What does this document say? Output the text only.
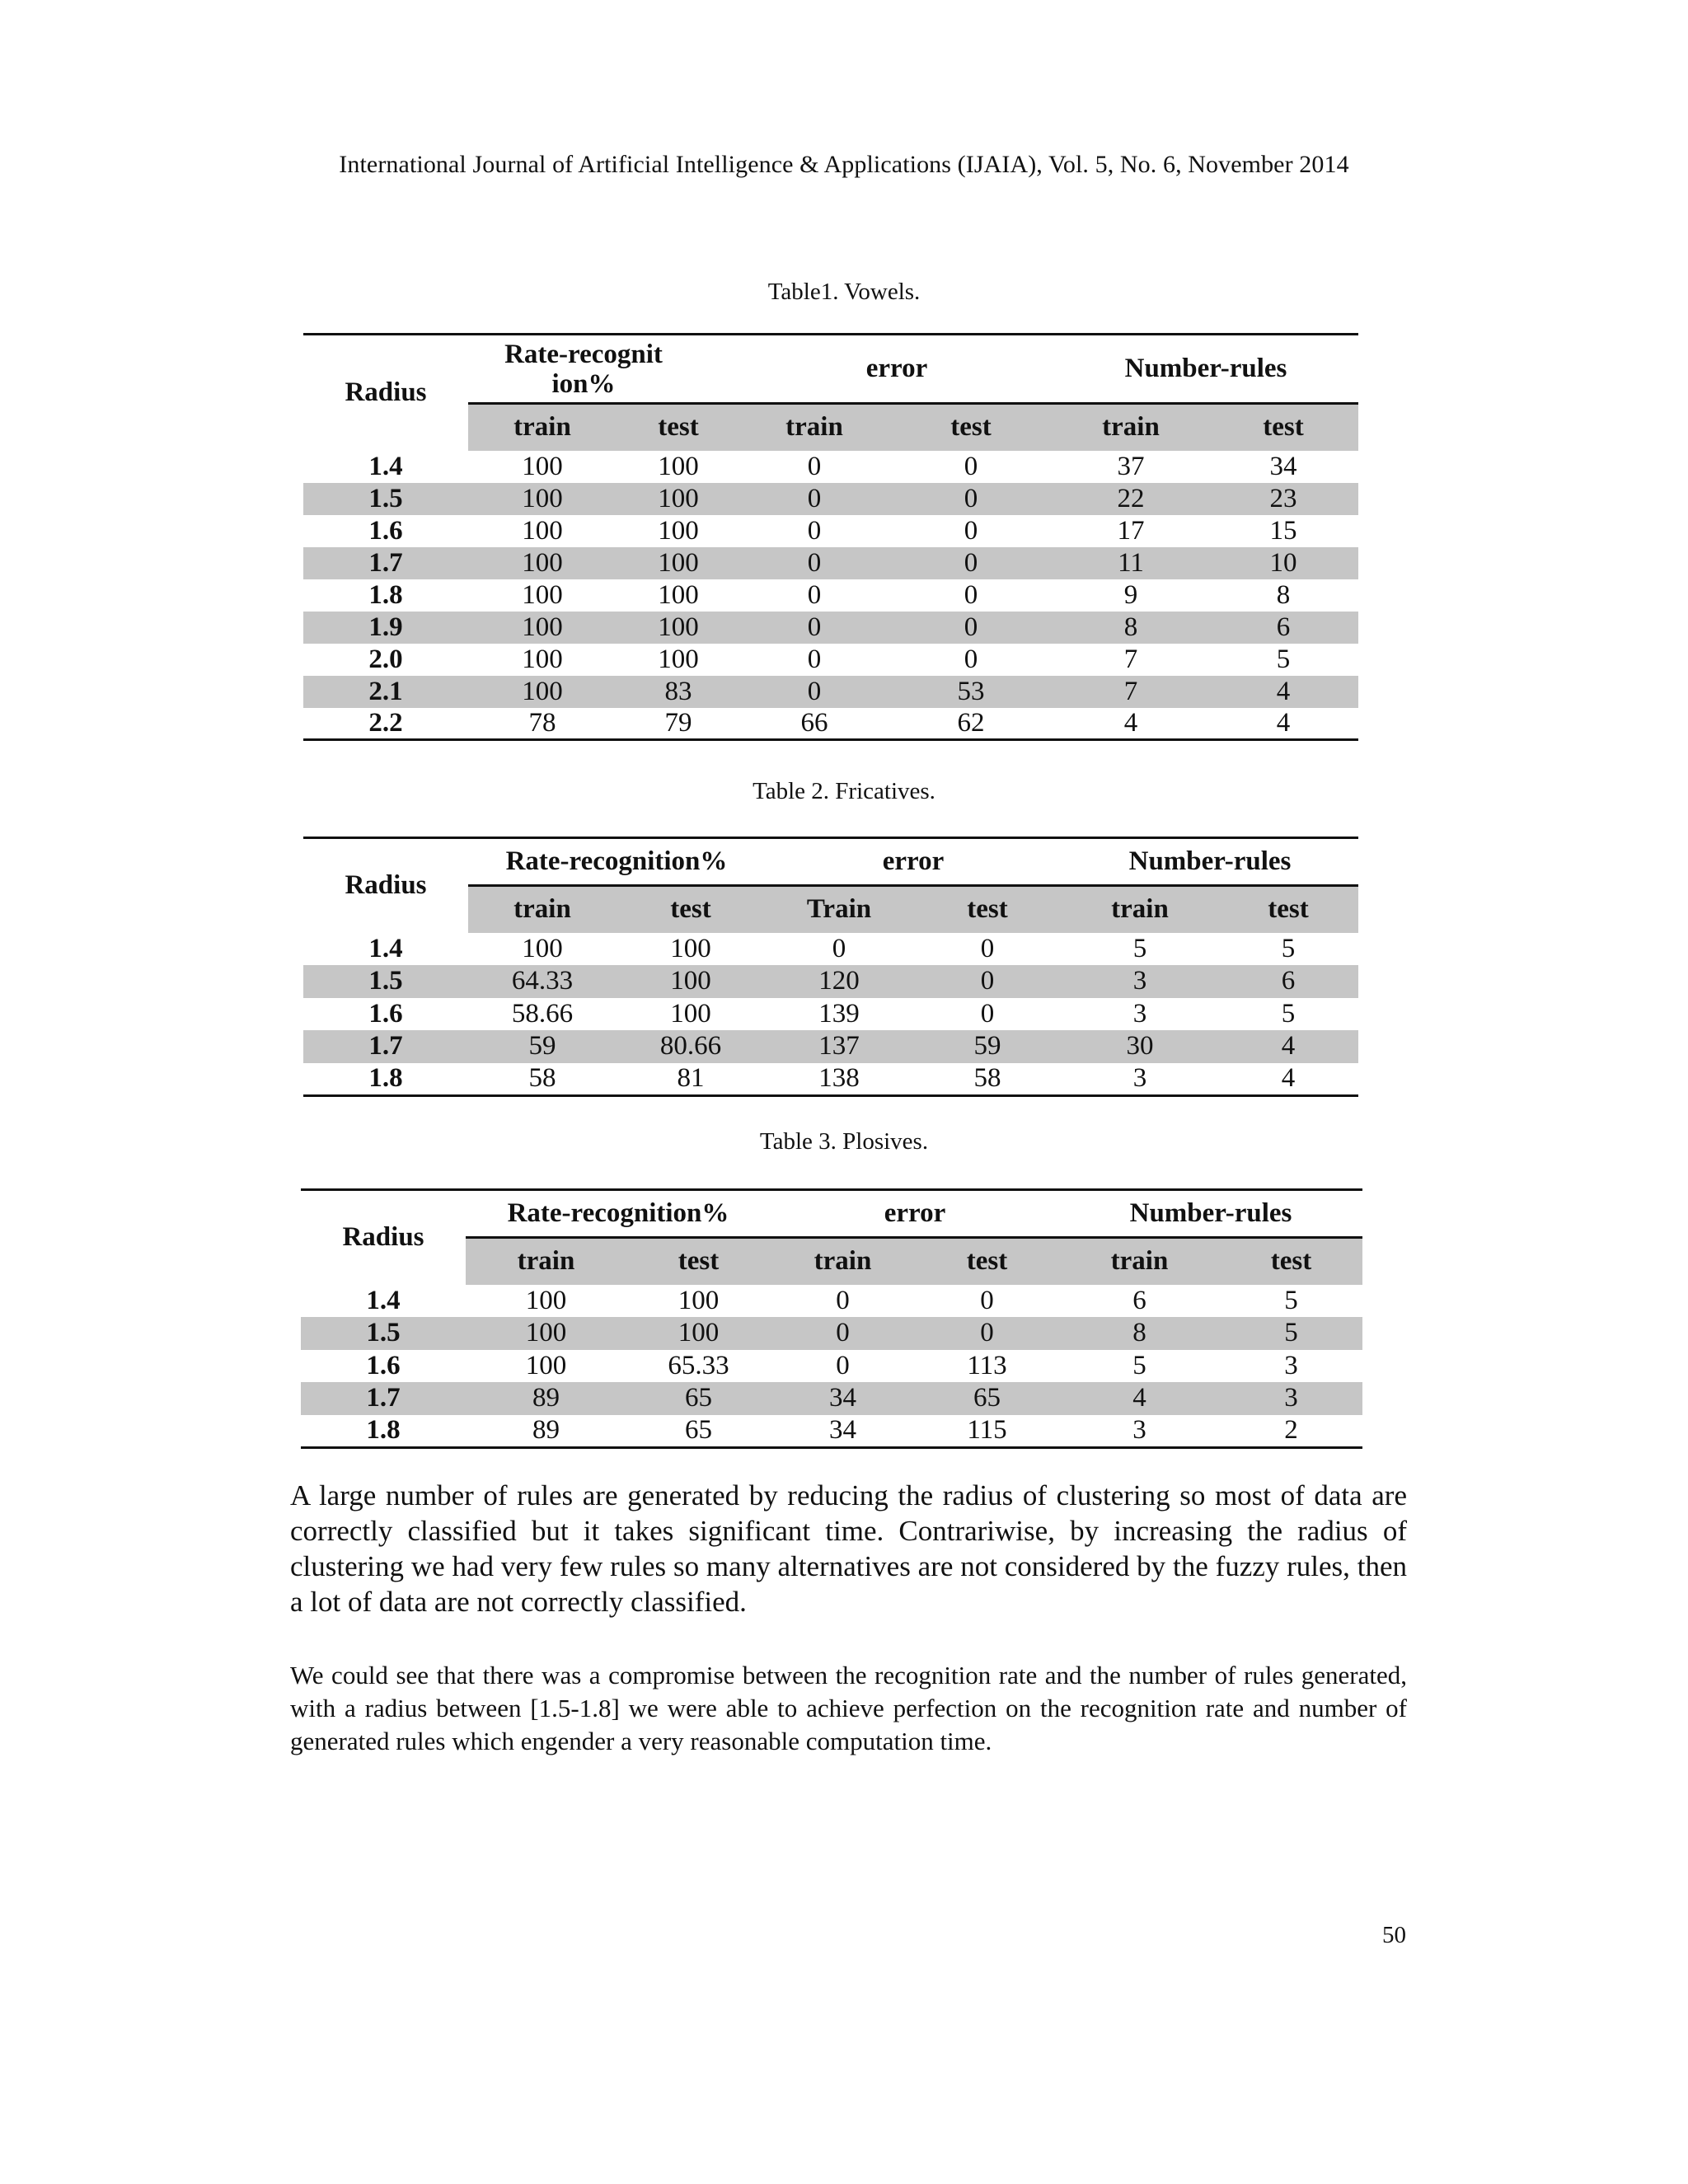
International Journal of Artificial Intelligence & Applications (IJAIA), Vol. 5, No. 6, November 2014
Table1. Vowels.
Radius	Rate-recognition%		error		Number-rules	
	train	test	train	test	train	test
1.4	100	100	0	0	37	34
1.5	100	100	0	0	22	23
1.6	100	100	0	0	17	15
1.7	100	100	0	0	11	10
1.8	100	100	0	0	9	8
1.9	100	100	0	0	8	6
2.0	100	100	0	0	7	5
2.1	100	83	0	53	7	4
2.2	78	79	66	62	4	4
Table 2. Fricatives.
Radius	Rate-recognition%		error		Number-rules	
	train	test	Train	test	train	test
1.4	100	100	0	0	5	5
1.5	64.33	100	120	0	3	6
1.6	58.66	100	139	0	3	5
1.7	59	80.66	137	59	30	4
1.8	58	81	138	58	3	4
Table 3. Plosives.
Radius	Rate-recognition%		error		Number-rules	
	train	test	train	test	train	test
1.4	100	100	0	0	6	5
1.5	100	100	0	0	8	5
1.6	100	65.33	0	113	5	3
1.7	89	65	34	65	4	3
1.8	89	65	34	115	3	2

A large number of rules are generated by reducing the radius of clustering so most of data are correctly classified but it takes significant time. Contrariwise, by increasing the radius of clustering we had very few rules so many alternatives are not considered by the fuzzy rules, then a lot of data are not correctly classified.

We could see that there was a compromise between the recognition rate and the number of rules generated, with a radius between [1.5-1.8] we were able to achieve perfection on the recognition rate and number of generated rules which engender a very reasonable computation time.

50
